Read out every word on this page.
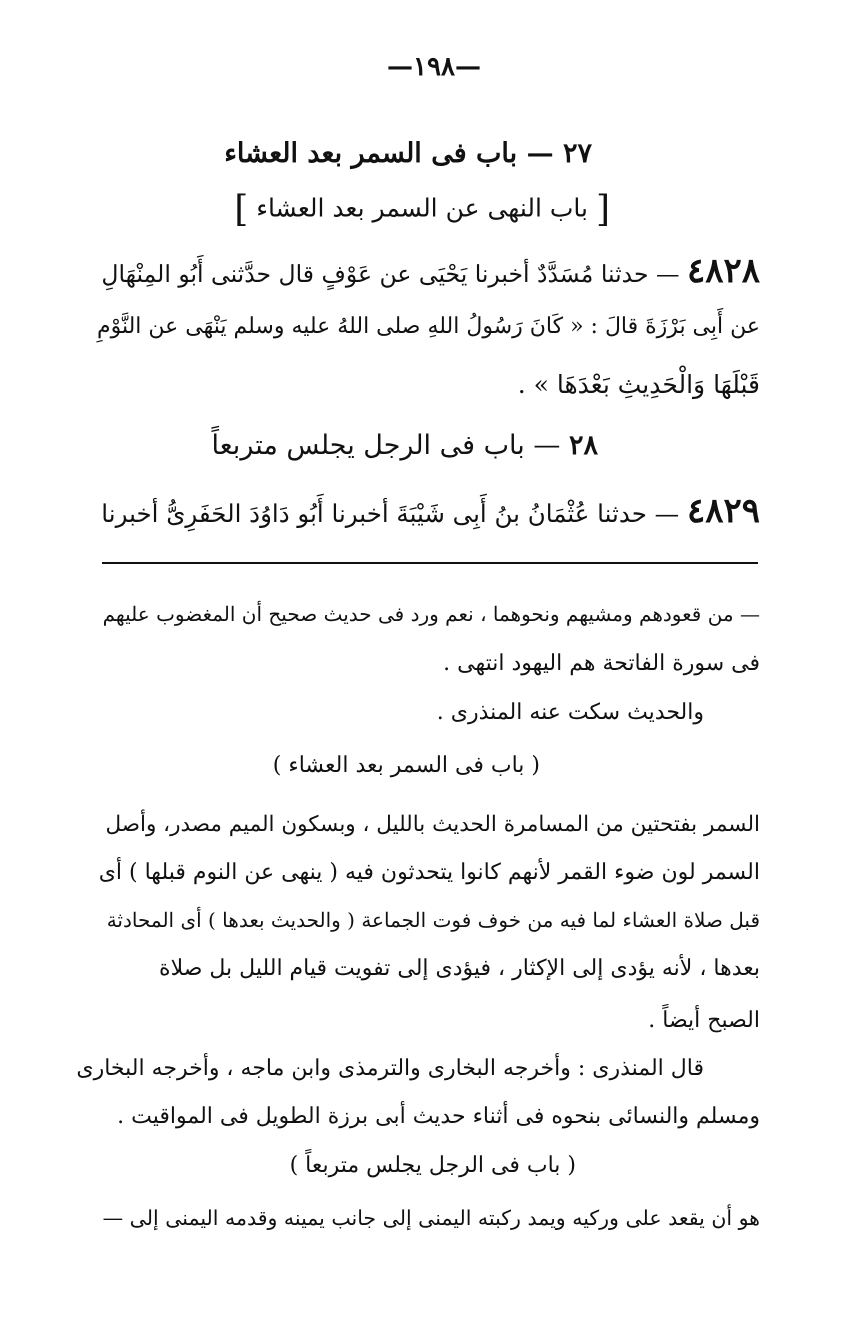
—١٩٨—
٢٧ — باب فى السمر بعد العشاء
[ باب النهى عن السمر بعد العشاء ]
٤٨٢٨ — حدثنا مُسَدَّدٌ أخبرنا يَحْيَى عن عَوْفٍ قال حدَّثنى أَبُو المِنْهَالِ
عن أَبِى بَرْزَةَ قالَ : « كَانَ رَسُولُ اللهِ صلى اللهُ عليه وسلم يَنْهَى عن النَّوْمِ
قَبْلَهَا وَالْحَدِيثِ بَعْدَهَا » .
٢٨ — باب فى الرجل يجلس متربعاً
٤٨٢٩ — حدثنا عُثْمَانُ بنُ أَبِى شَيْبَةَ أخبرنا أَبُو دَاوُدَ الحَفَرِىُّ أخبرنا
— من قعودهم ومشيهم ونحوهما ، نعم ورد فى حديث صحيح أن المغضوب عليهم
فى سورة الفاتحة هم اليهود انتهى .
والحديث سكت عنه المنذرى .
( باب فى السمر بعد العشاء )
السمر بفتحتين من المسامرة الحديث بالليل ، وبسكون الميم مصدر، وأصل
السمر لون ضوء القمر لأنهم كانوا يتحدثون فيه ( ينهى عن النوم قبلها ) أى
قبل صلاة العشاء لما فيه من خوف فوت الجماعة ( والحديث بعدها ) أى المحادثة
بعدها ، لأنه يؤدى إلى الإكثار ، فيؤدى إلى تفويت قيام الليل بل صلاة
الصبح أيضاً .
قال المنذرى : وأخرجه البخارى والترمذى وابن ماجه ، وأخرجه البخارى
ومسلم والنسائى بنحوه فى أثناء حديث أبى برزة الطويل فى المواقيت .
( باب فى الرجل يجلس متربعاً )
هو أن يقعد على وركيه ويمد ركبته اليمنى إلى جانب يمينه وقدمه اليمنى إلى —
